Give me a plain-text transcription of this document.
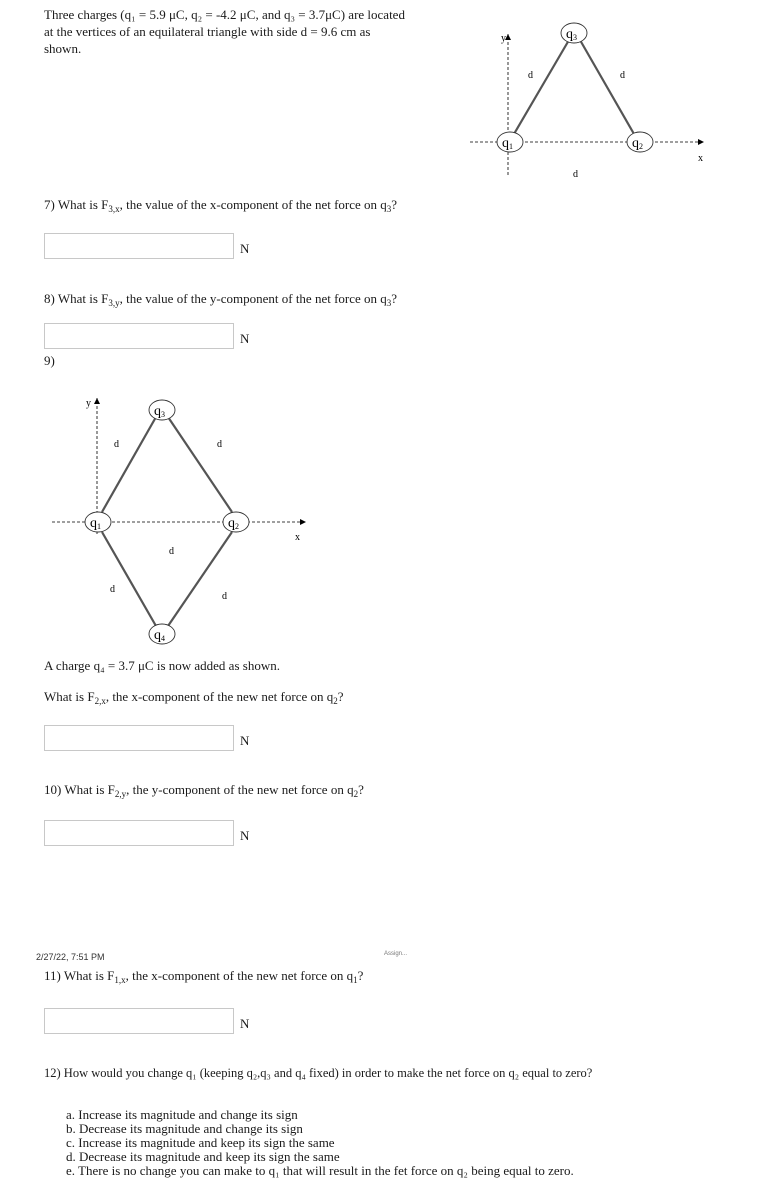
Three charges (q₁ = 5.9 μC, q₂ = -4.2 μC, and q₃ = 3.7μC) are located
at the vertices of an equilateral triangle with side d = 9.6 cm as
shown.
q3
q1	q2
y
d	d
d
x
7) What is $F_{3,x}$, the value of the x-component of the net force on $q_3$?
N
8) What is $F_{3,y}$, the value of the y-component of the net force on $q_3$?
N
9)
q3
q1	q2
q4
y
d	d
d
d
d
x
A charge q₄ = 3.7 μC is now added as shown.
What is $F_{2,x}$, the x-component of the new net force on $q_2$?
N
10) What is $F_{2,y}$, the y-component of the new net force on $q_2$?
N
2/27/22, 7:51 PM	Assign...
11) What is $F_{1,x}$, the x-component of the new net force on $q_1$?
N
12) How would you change q₁ (keeping q₂,q₃ and q₄ fixed) in order to make the net force on q₂ equal to zero?
a. Increase its magnitude and change its sign
b. Decrease its magnitude and change its sign
c. Increase its magnitude and keep its sign the same
d. Decrease its magnitude and keep its sign the same
e. There is no change you can make to q₁ that will result in the fet force on q₂ being equal to zero.
